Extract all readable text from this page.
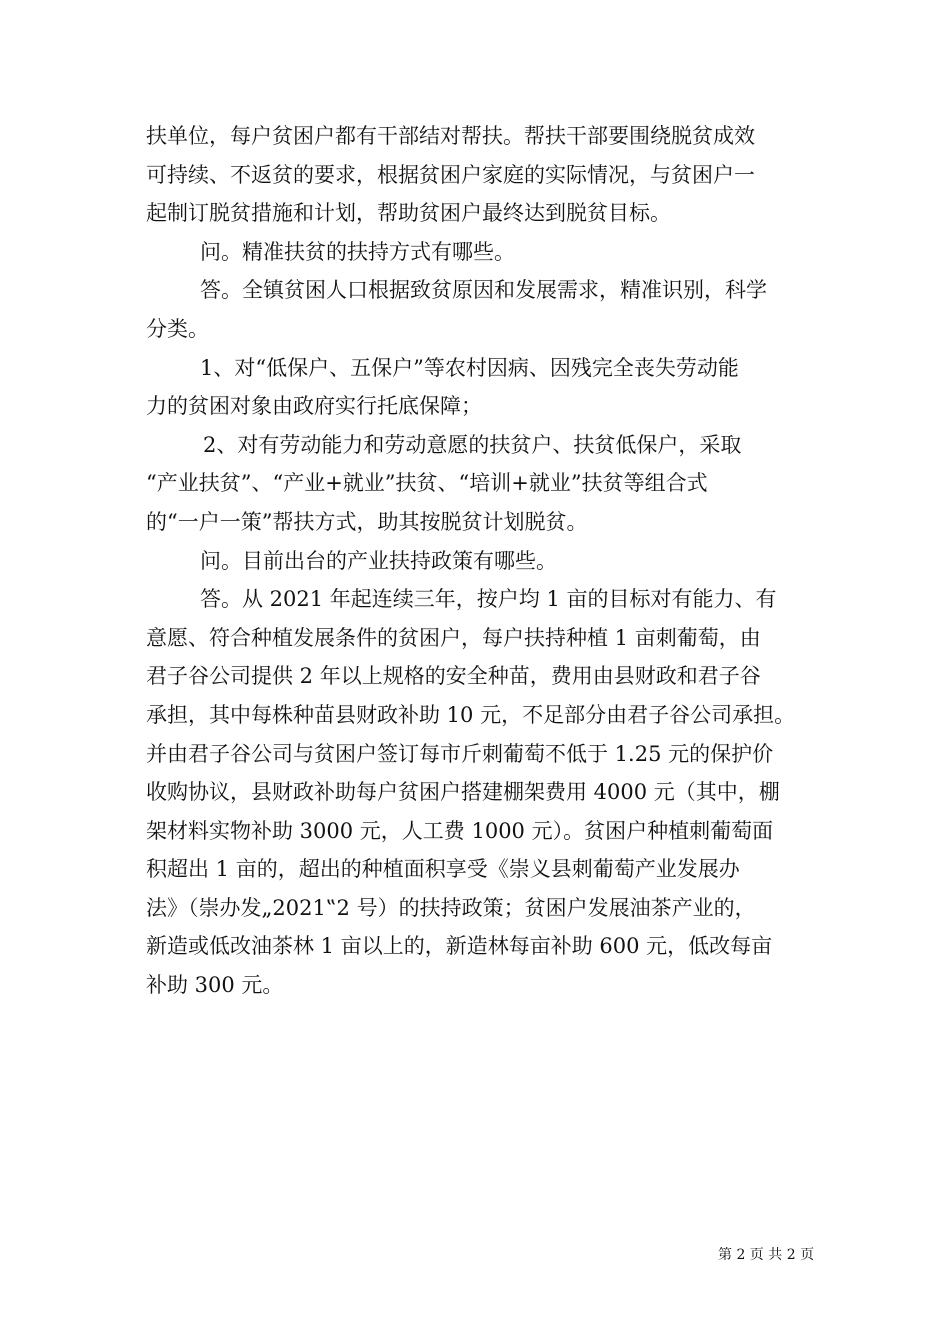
扶单位，每户贫困户都有干部结对帮扶。帮扶干部要围绕脱贫成效
可持续、不返贫的要求，根据贫困户家庭的实际情况，与贫困户一
起制订脱贫措施和计划，帮助贫困户最终达到脱贫目标。
问。精准扶贫的扶持方式有哪些。
答。全镇贫困人口根据致贫原因和发展需求，精准识别，科学
分类。
1、对“低保户、五保户”等农村因病、因残完全丧失劳动能
力的贫困对象由政府实行托底保障；
2、对有劳动能力和劳动意愿的扶贫户、扶贫低保户，采取
“产业扶贫”、“产业+就业”扶贫、“培训+就业”扶贫等组合式
的“一户一策”帮扶方式，助其按脱贫计划脱贫。
问。目前出台的产业扶持政策有哪些。
答。从 2021 年起连续三年，按户均 1 亩的目标对有能力、有
意愿、符合种植发展条件的贫困户，每户扶持种植 1 亩刺葡萄，由
君子谷公司提供 2 年以上规格的安全种苗，费用由县财政和君子谷
承担，其中每株种苗县财政补助 10 元，不足部分由君子谷公司承担。
并由君子谷公司与贫困户签订每市斤刺葡萄不低于 1.25 元的保护价
收购协议，县财政补助每户贫困户搭建棚架费用 4000 元（其中，棚
架材料实物补助 3000 元，人工费 1000 元）。贫困户种植刺葡萄面
积超出 1 亩的，超出的种植面积享受《崇义县刺葡萄产业发展办
法》（崇办发„2021‟2 号）的扶持政策；贫困户发展油茶产业的，
新造或低改油茶林 1 亩以上的，新造林每亩补助 600 元，低改每亩
补助 300 元。
第 2 页 共 2 页
